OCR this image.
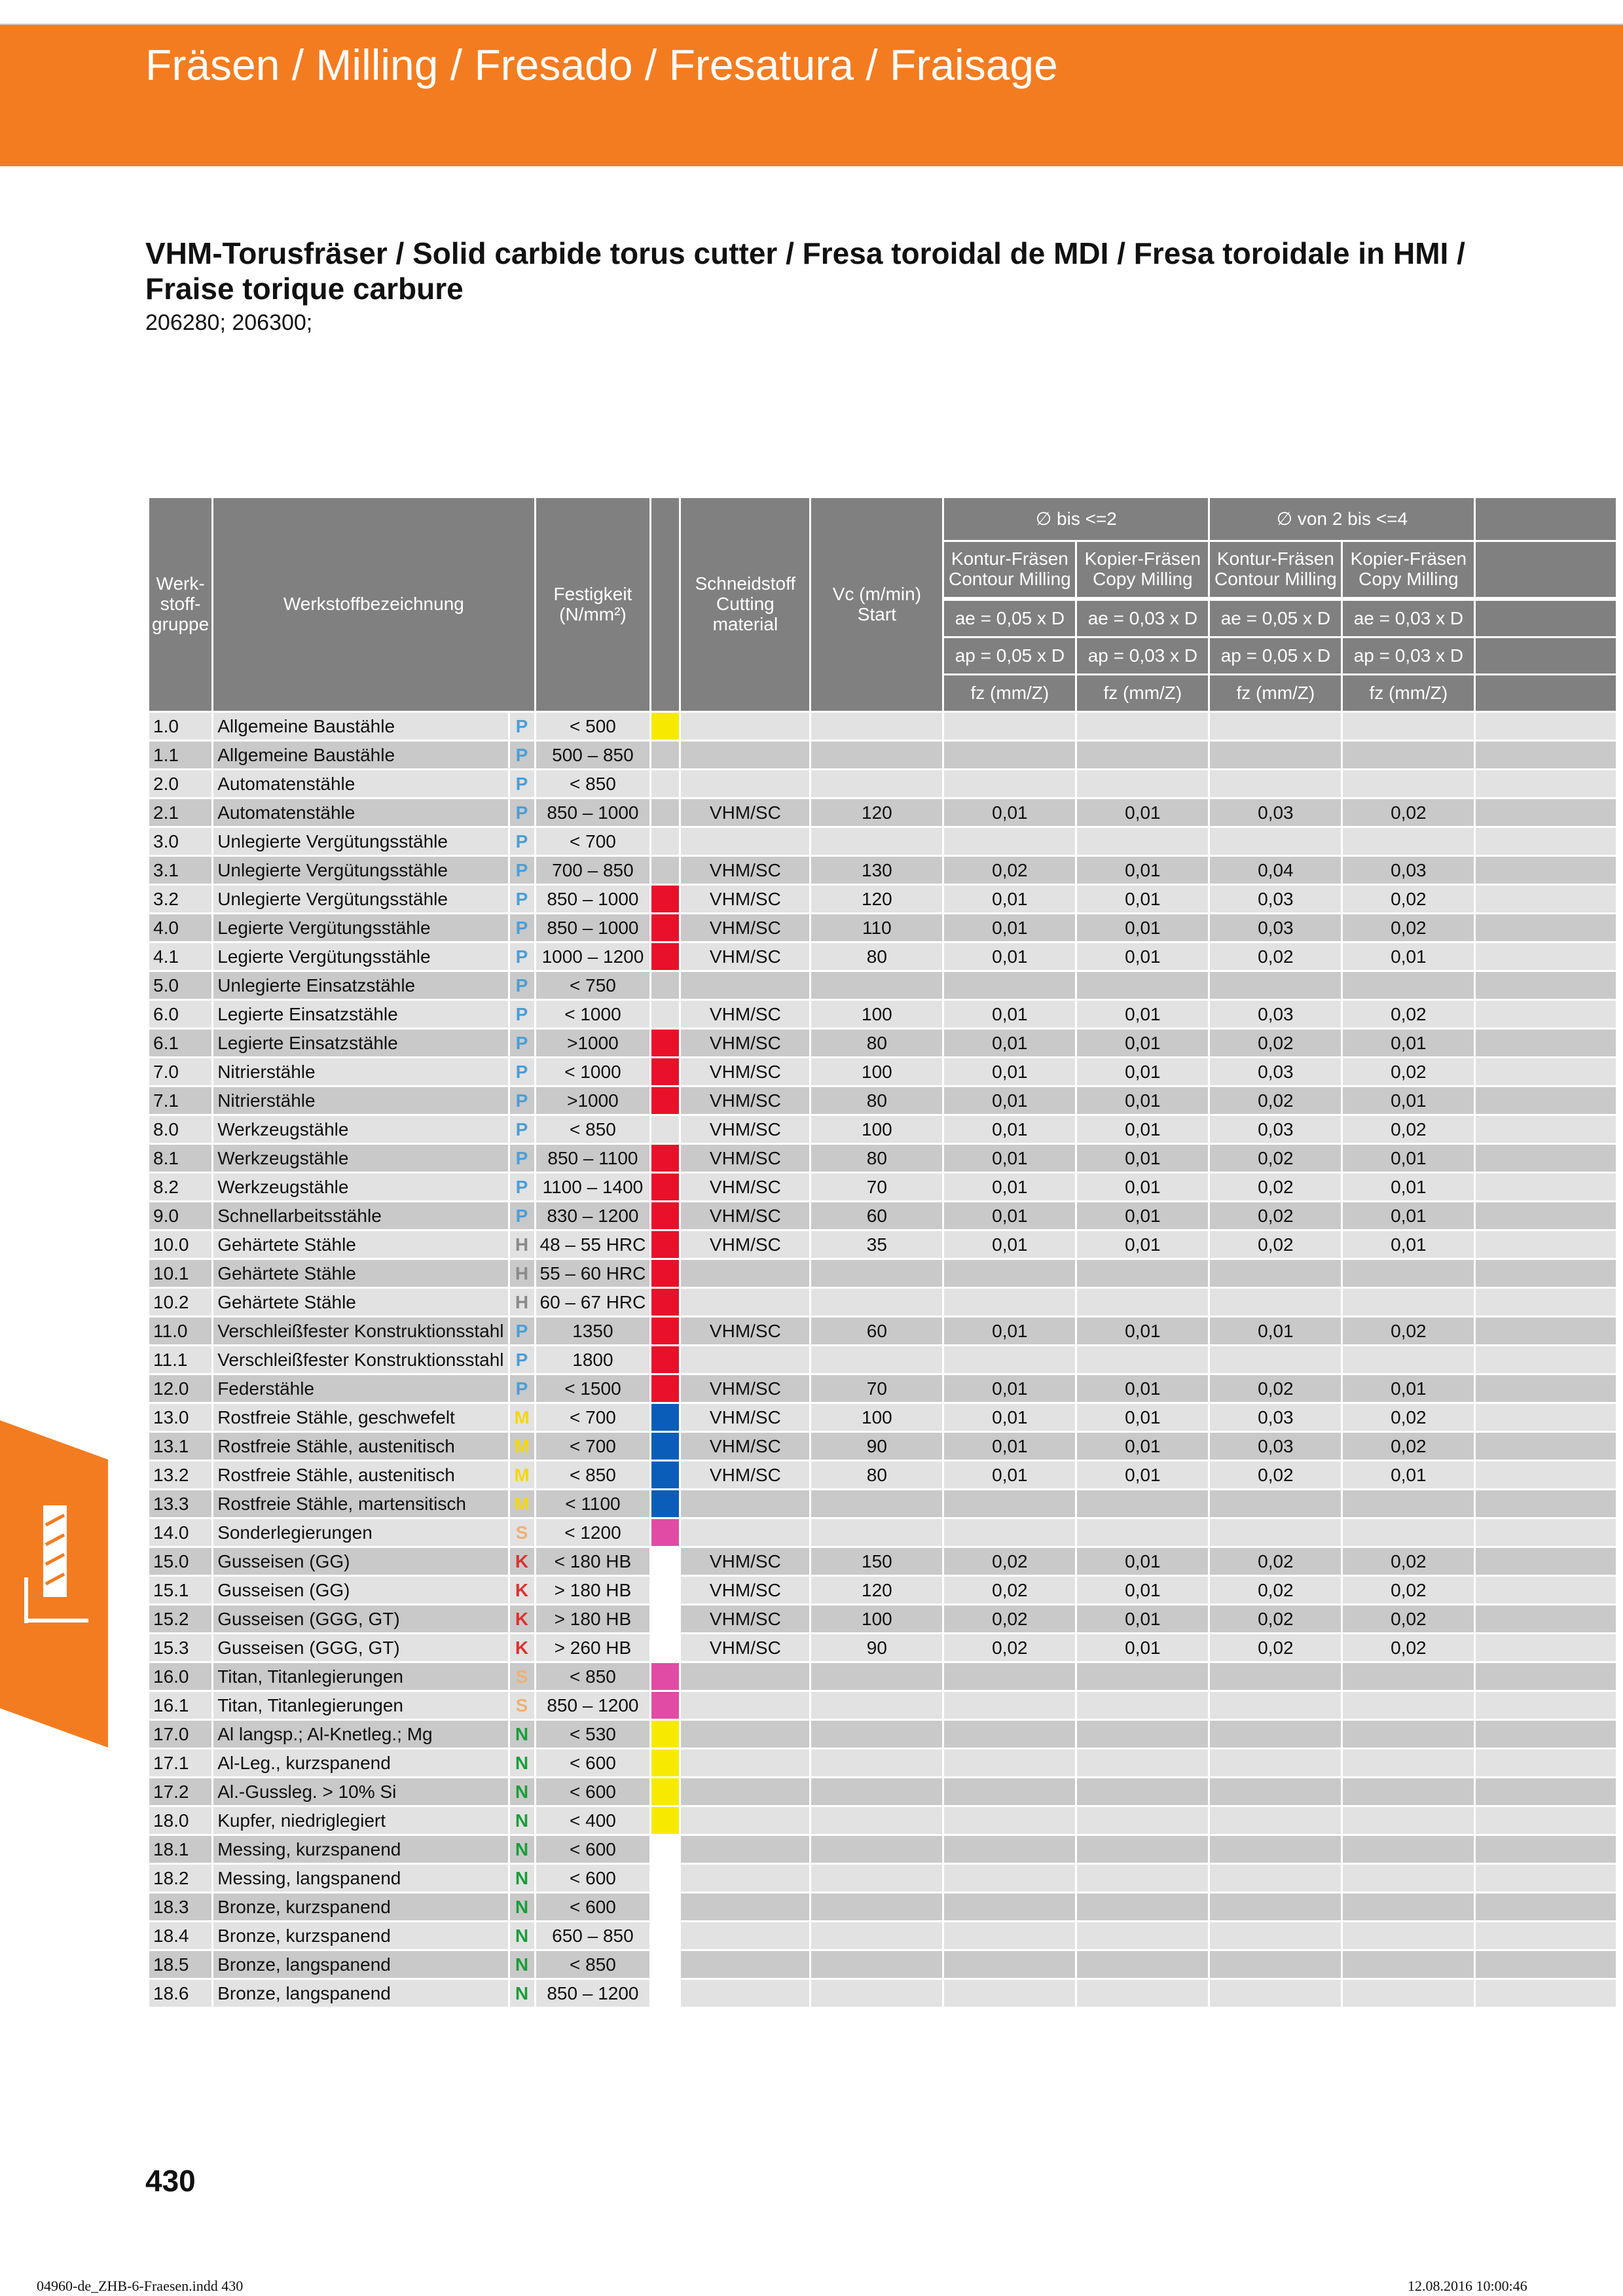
Fräsen / Milling / Fresado / Fresatura / Fraisage
VHM-Torusfräser / Solid carbide torus cutter / Fresa toroidal de MDI / Fresa toroidale in HMI / Fraise torique carbure
206280; 206300;
Werk-stoff-gruppe	Werkstoffbezeichnung		Festigkeit (N/mm²)		Schneidstoff Cutting material	Vc (m/min) Start	∅ bis <=2		∅ von 2 bis <=4		
							Kontur-Fräsen Contour Milling	Kopier-Fräsen Copy Milling	Kontur-Fräsen Contour Milling	Kopier-Fräsen Copy Milling	

							ae = 0,05 x D	ae = 0,03 x D	ae = 0,05 x D	ae = 0,03 x D	
							ap = 0,05 x D	ap = 0,03 x D	ap = 0,05 x D	ap = 0,03 x D	
							fz (mm/Z)	fz (mm/Z)	fz (mm/Z)	fz (mm/Z)	
1.0	Allgemeine Baustähle	P	< 500								
1.1	Allgemeine Baustähle	P	500 – 850								
2.0	Automatenstähle	P	< 850								
2.1	Automatenstähle	P	850 – 1000		VHM/SC	120	0,01	0,01	0,03	0,02	
3.0	Unlegierte Vergütungsstähle	P	< 700								
3.1	Unlegierte Vergütungsstähle	P	700 – 850		VHM/SC	130	0,02	0,01	0,04	0,03	
3.2	Unlegierte Vergütungsstähle	P	850 – 1000		VHM/SC	120	0,01	0,01	0,03	0,02	
4.0	Legierte Vergütungsstähle	P	850 – 1000		VHM/SC	110	0,01	0,01	0,03	0,02	
4.1	Legierte Vergütungsstähle	P	1000 – 1200		VHM/SC	80	0,01	0,01	0,02	0,01	
5.0	Unlegierte Einsatzstähle	P	< 750								
6.0	Legierte Einsatzstähle	P	< 1000		VHM/SC	100	0,01	0,01	0,03	0,02	
6.1	Legierte Einsatzstähle	P	>1000		VHM/SC	80	0,01	0,01	0,02	0,01	
7.0	Nitrierstähle	P	< 1000		VHM/SC	100	0,01	0,01	0,03	0,02	
7.1	Nitrierstähle	P	>1000		VHM/SC	80	0,01	0,01	0,02	0,01	
8.0	Werkzeugstähle	P	< 850		VHM/SC	100	0,01	0,01	0,03	0,02	
8.1	Werkzeugstähle	P	850 – 1100		VHM/SC	80	0,01	0,01	0,02	0,01	
8.2	Werkzeugstähle	P	1100 – 1400		VHM/SC	70	0,01	0,01	0,02	0,01	
9.0	Schnellarbeitsstähle	P	830 – 1200		VHM/SC	60	0,01	0,01	0,02	0,01	
10.0	Gehärtete Stähle	H	48 – 55 HRC		VHM/SC	35	0,01	0,01	0,02	0,01	
10.1	Gehärtete Stähle	H	55 – 60 HRC								
10.2	Gehärtete Stähle	H	60 – 67 HRC								
11.0	Verschleißfester Konstruktionsstahl	P	1350		VHM/SC	60	0,01	0,01	0,01	0,02	
11.1	Verschleißfester Konstruktionsstahl	P	1800								
12.0	Federstähle	P	< 1500		VHM/SC	70	0,01	0,01	0,02	0,01	
13.0	Rostfreie Stähle, geschwefelt	M	< 700		VHM/SC	100	0,01	0,01	0,03	0,02	
13.1	Rostfreie Stähle, austenitisch	M	< 700		VHM/SC	90	0,01	0,01	0,03	0,02	
13.2	Rostfreie Stähle, austenitisch	M	< 850		VHM/SC	80	0,01	0,01	0,02	0,01	
13.3	Rostfreie Stähle, martensitisch	M	< 1100								
14.0	Sonderlegierungen	S	< 1200								
15.0	Gusseisen (GG)	K	< 180 HB		VHM/SC	150	0,02	0,01	0,02	0,02	
15.1	Gusseisen (GG)	K	> 180 HB		VHM/SC	120	0,02	0,01	0,02	0,02	
15.2	Gusseisen (GGG, GT)	K	> 180 HB		VHM/SC	100	0,02	0,01	0,02	0,02	
15.3	Gusseisen (GGG, GT)	K	> 260 HB		VHM/SC	90	0,02	0,01	0,02	0,02	
16.0	Titan, Titanlegierungen	S	< 850								
16.1	Titan, Titanlegierungen	S	850 – 1200								
17.0	Al langsp.; Al-Knetleg.; Mg	N	< 530								
17.1	Al-Leg., kurzspanend	N	< 600								
17.2	Al.-Gussleg. > 10% Si	N	< 600								
18.0	Kupfer, niedriglegiert	N	< 400								
18.1	Messing, kurzspanend	N	< 600								
18.2	Messing, langspanend	N	< 600								
18.3	Bronze, kurzspanend	N	< 600								
18.4	Bronze, kurzspanend	N	650 – 850								
18.5	Bronze, langspanend	N	< 850								
18.6	Bronze, langspanend	N	850 – 1200								
430
04960-de_ZHB-6-Fraesen.indd 430	12.08.2016 10:00:46
